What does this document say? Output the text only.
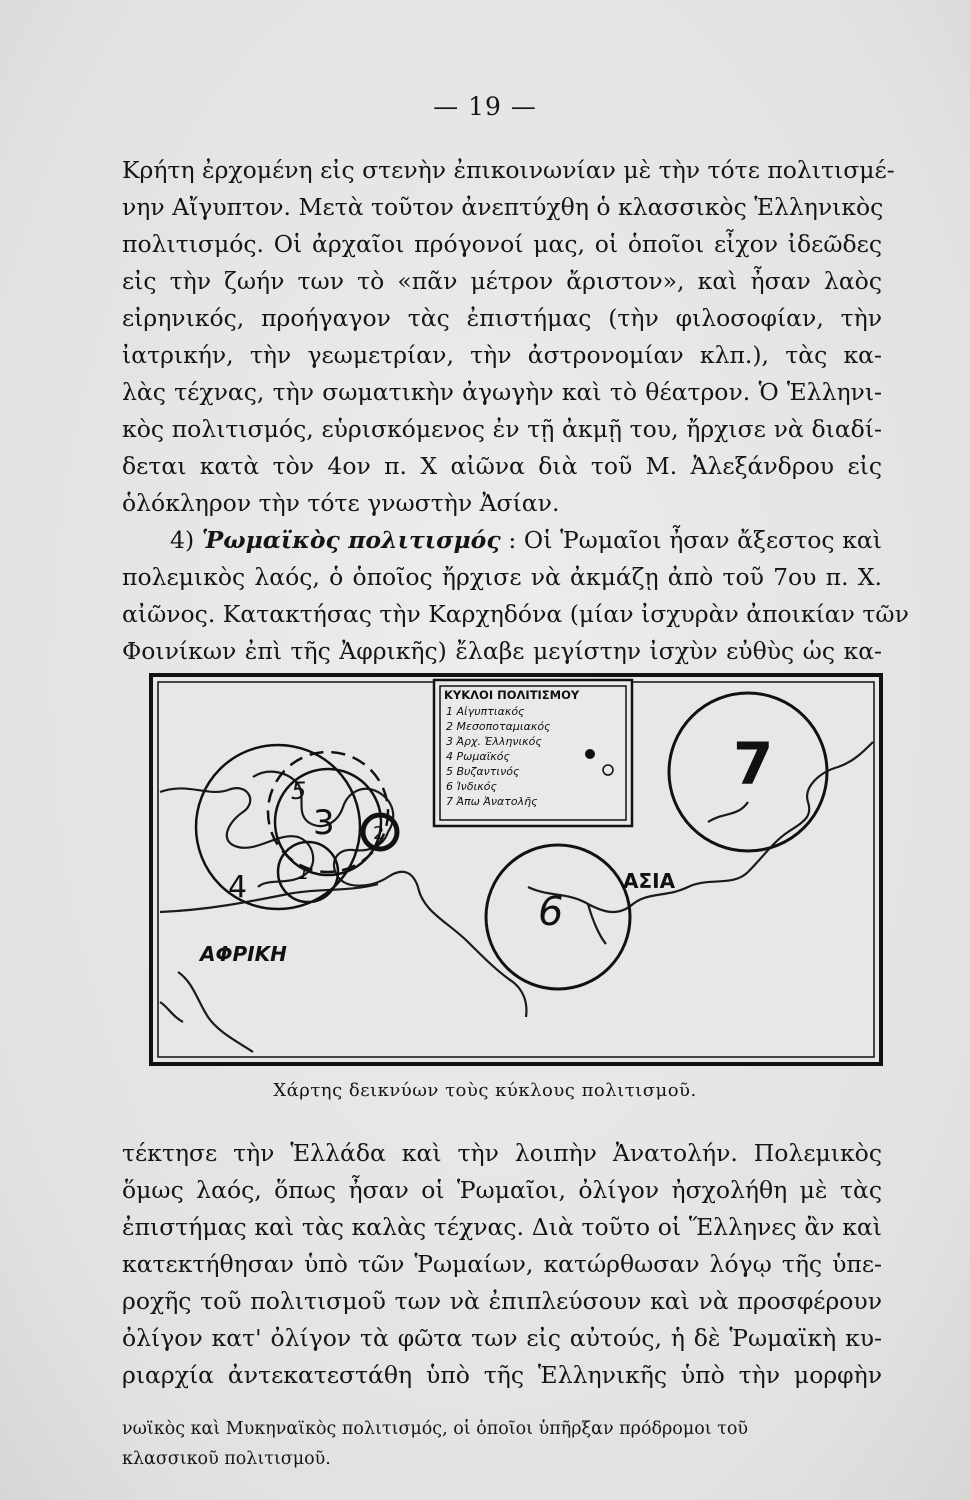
— 19 —
Κρήτη ἐρχομένη εἰς στενὴν ἐπικοινωνίαν μὲ τὴν τότε πολιτισμέ-
νην Αἴγυπτον. Μετὰ τοῦτον ἀνεπτύχθη ὁ κλασσικὸς Ἑλληνικὸς
πολιτισμός. Οἱ ἀρχαῖοι πρόγονοί μας, οἱ ὁποῖοι εἶχον ἰδεῶδες
εἰς τὴν ζωήν των τὸ «πᾶν μέτρον ἄριστον», καὶ ἦσαν λαὸς
εἰρηνικός, προήγαγον τὰς ἐπιστήμας (τὴν φιλοσοφίαν, τὴν
ἰατρικήν, τὴν γεωμετρίαν, τὴν ἀστρονομίαν κλπ.), τὰς κα-
λὰς τέχνας, τὴν σωματικὴν ἀγωγὴν καὶ τὸ θέατρον. Ὁ Ἑλληνι-
κὸς πολιτισμός, εὑρισκόμενος ἐν τῇ ἀκμῇ του, ἤρχισε νὰ διαδί-
δεται κατὰ τὸν 4ον π. Χ αἰῶνα διὰ τοῦ Μ. Ἀλεξάνδρου εἰς
ὁλόκληρον τὴν τότε γνωστὴν Ἀσίαν.
4) Ῥωμαϊκὸς πολιτισμός : Οἱ Ῥωμαῖοι ἦσαν ἄξεστος καὶ
πολεμικὸς λαός, ὁ ὁποῖος ἤρχισε νὰ ἀκμάζῃ ἀπὸ τοῦ 7ου π. Χ.
αἰῶνος. Κατακτήσας τὴν Καρχηδόνα (μίαν ἰσχυρὰν ἀποικίαν τῶν
Φοινίκων ἐπὶ τῆς Ἀφρικῆς) ἔλαβε μεγίστην ἰσχὺν εὐθὺς ὡς κα-
1
2
3
4
5
6
7
ΑΦΡΙΚΗ
ΑΣΙΑ
ΚΥΚΛΟΙ ΠΟΛΙΤΙΣΜΟΥ
1 Αἰγυπτιακός
2 Μεσοποταμιακός
3 Ἀρχ. Ἑλληνικός
4 Ρωμαϊκός
5 Βυζαντινός
6 Ἰνδικός
7 Ἀπω Ἀνατολῆς
Χάρτης δεικνύων τοὺς κύκλους πολιτισμοῦ.
τέκτησε τὴν Ἑλλάδα καὶ τὴν λοιπὴν Ἀνατολήν. Πολεμικὸς
ὅμως λαός, ὅπως ἦσαν οἱ Ῥωμαῖοι, ὀλίγον ἠσχολήθη μὲ τὰς
ἐπιστήμας καὶ τὰς καλὰς τέχνας. Διὰ τοῦτο οἱ Ἕλληνες ἂν καὶ
κατεκτήθησαν ὑπὸ τῶν Ῥωμαίων, κατώρθωσαν λόγῳ τῆς ὑπε-
ροχῆς τοῦ πολιτισμοῦ των νὰ ἐπιπλεύσουν καὶ νὰ προσφέρουν
ὀλίγον κατ' ὀλίγον τὰ φῶτα των εἰς αὐτούς, ἡ δὲ Ῥωμαϊκὴ κυ-
ριαρχία ἀντεκατεστάθη ὑπὸ τῆς Ἑλληνικῆς ὑπὸ τὴν μορφὴν
νωϊκὸς καὶ Μυκηναϊκὸς πολιτισμός, οἱ ὁποῖοι ὑπῆρξαν πρόδρομοι τοῦ
κλασσικοῦ πολιτισμοῦ.
